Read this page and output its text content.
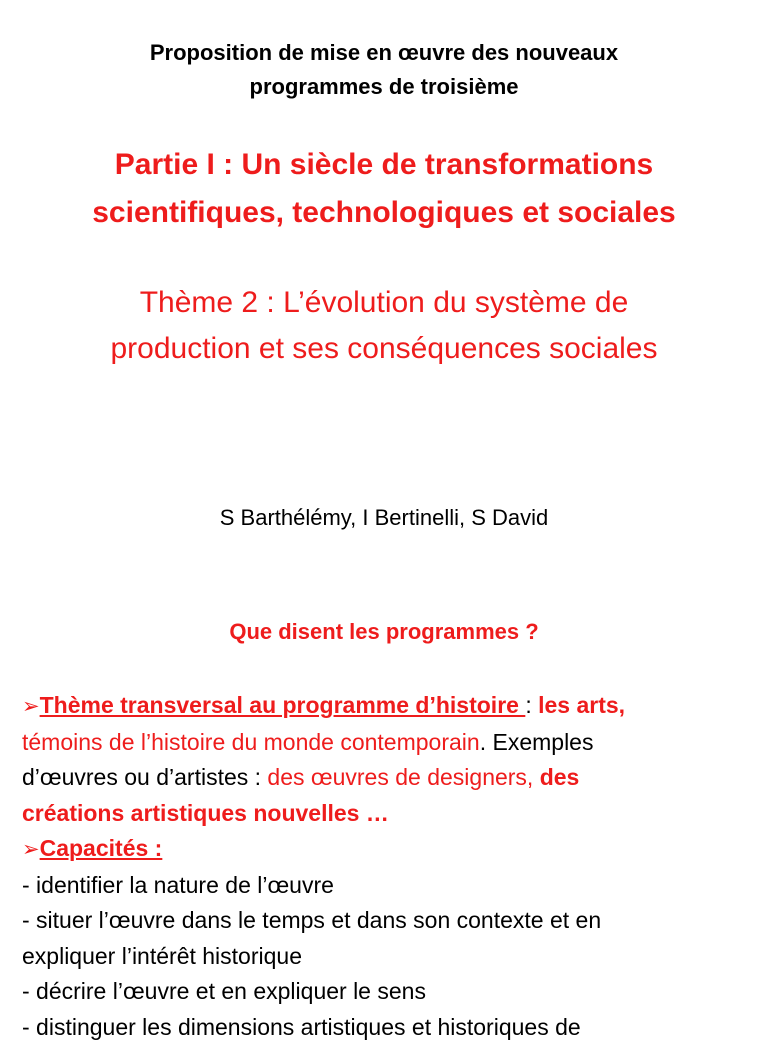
Proposition de mise en œuvre des nouveaux
programmes de troisième
Partie I : Un siècle de transformations
scientifiques, technologiques et sociales
Thème 2 : L’évolution du système de
production et ses conséquences sociales
S Barthélémy, I Bertinelli, S David
Que disent les programmes ?
➢Thème transversal au programme d’histoire : les arts,
témoins de l’histoire du monde contemporain. Exemples
d’œuvres ou d’artistes : des œuvres de designers, des
créations artistiques nouvelles …
➢Capacités :
- identifier la nature de l’œuvre
- situer l’œuvre dans le temps et dans son contexte et en
expliquer l’intérêt historique
- décrire l’œuvre et en expliquer le sens
- distinguer les dimensions artistiques et historiques de
